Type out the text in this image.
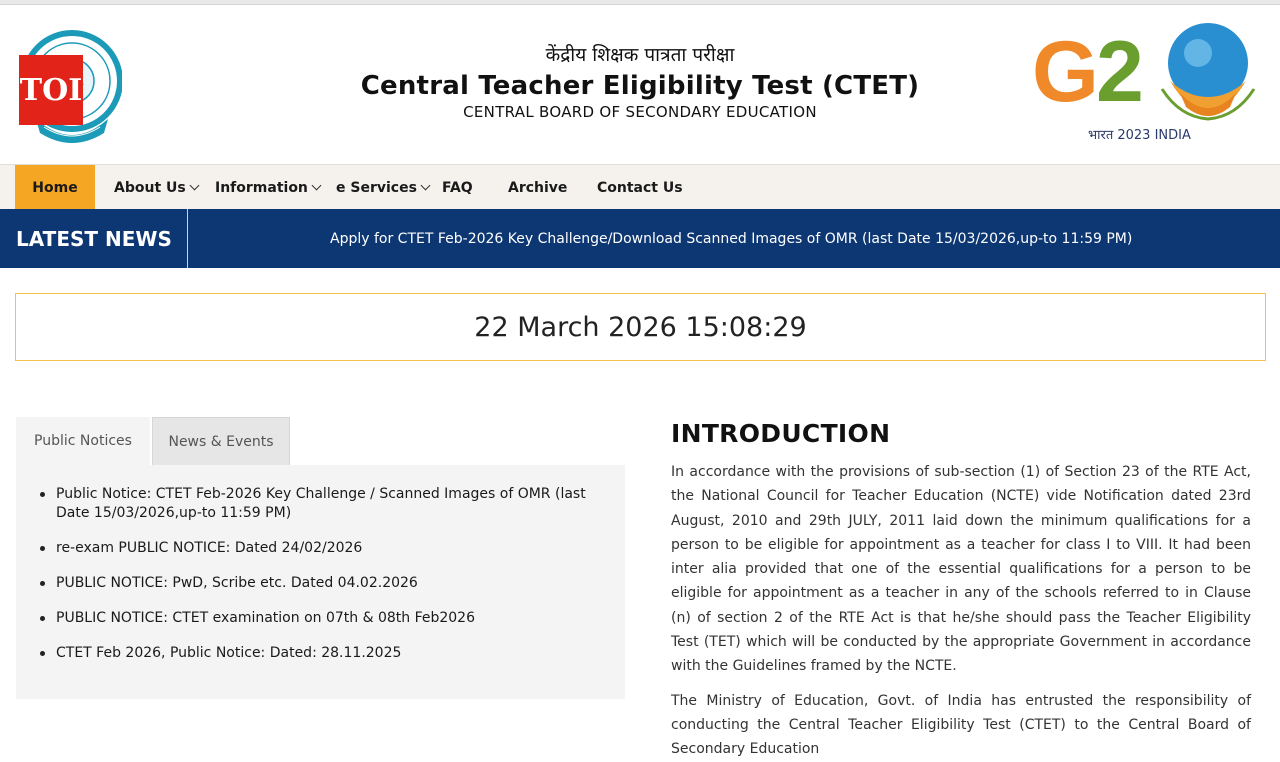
TOI
केंद्रीय शिक्षक पात्रता परीक्षा
Central Teacher Eligibility Test (CTET)
CENTRAL BOARD OF SECONDARY EDUCATION	G
2
भारत 2023 INDIA
Home	About Us Information e Services FAQ	Archive Contact Us
LATEST NEWS	Apply for CTET Feb-2026 Key Challenge/Download Scanned Images of OMR (last Date 15/03/2026,up-to 11:59 PM)
22 March 2026 15:08:29
Public Notices	News & Events
Public Notice: CTET Feb-2026 Key Challenge / Scanned Images of OMR (last Date 15/03/2026,up-to 11:59 PM)
re-exam PUBLIC NOTICE: Dated 24/02/2026
PUBLIC NOTICE: PwD, Scribe etc. Dated 04.02.2026
PUBLIC NOTICE: CTET examination on 07th & 08th Feb2026
CTET Feb 2026, Public Notice: Dated: 28.11.2025
INTRODUCTION

In accordance with the provisions of sub-section (1) of Section 23 of the RTE Act, the National Council for Teacher Education (NCTE) vide Notification dated 23rd August, 2010 and 29th JULY, 2011 laid down the minimum qualifications for a person to be eligible for appointment as a teacher for class I to VIII. It had been inter alia provided that one of the essential qualifications for a person to be eligible for appointment as a teacher in any of the schools referred to in Clause (n) of section 2 of the RTE Act is that he/she should pass the Teacher Eligibility Test (TET) which will be conducted by the appropriate Government in accordance with the Guidelines framed by the NCTE.

The Ministry of Education, Govt. of India has entrusted the responsibility of conducting the Central Teacher Eligibility Test (CTET) to the Central Board of Secondary Education
